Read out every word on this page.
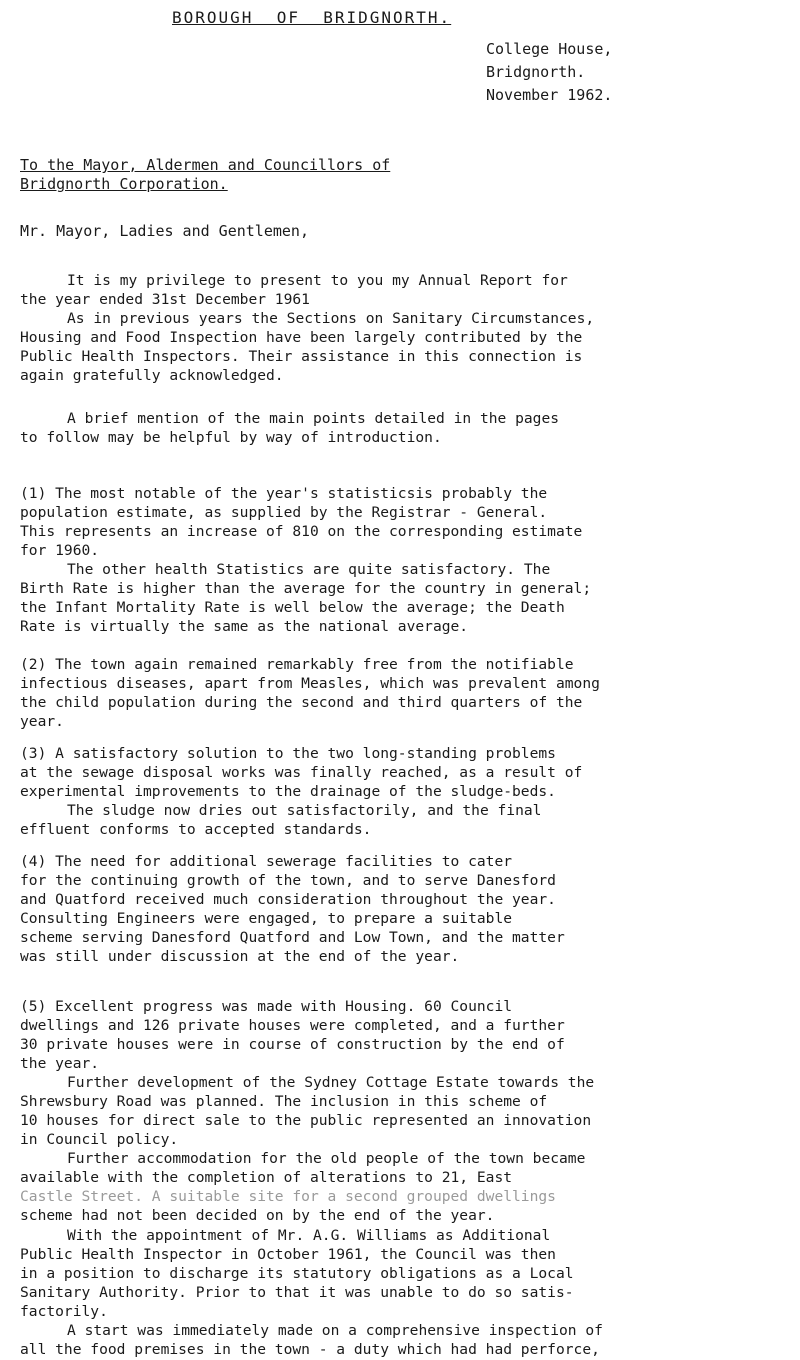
BOROUGH  OF  BRIDGNORTH.
College House,
Bridgnorth.
November 1962.
To the Mayor, Aldermen and Councillors of
Bridgnorth Corporation.
Mr. Mayor, Ladies and Gentlemen,
It is my privilege to present to you my Annual Report for
the year ended 31st December 1961
As in previous years the Sections on Sanitary Circumstances,
Housing and Food Inspection have been largely contributed by the
Public Health Inspectors. Their assistance in this connection is
again gratefully acknowledged.
A brief mention of the main points detailed in the pages
to follow may be helpful by way of introduction.
(1) The most notable of the year's statisticsis probably the
population estimate, as supplied by the Registrar - General.
This represents an increase of 810 on the corresponding estimate
for 1960.
The other health Statistics are quite satisfactory. The
Birth Rate is higher than the average for the country in general;
the Infant Mortality Rate is well below the average; the Death
Rate is virtually the same as the national average.
(2) The town again remained remarkably free from the notifiable
infectious diseases, apart from Measles, which was prevalent among
the child population during the second and third quarters of the
year.
(3) A satisfactory solution to the two long-standing problems
at the sewage disposal works was finally reached, as a result of
experimental improvements to the drainage of the sludge-beds.
The sludge now dries out satisfactorily, and the final
effluent conforms to accepted standards.
(4) The need for additional sewerage facilities to cater
for the continuing growth of the town, and to serve Danesford
and Quatford received much consideration throughout the year.
Consulting Engineers were engaged, to prepare a suitable
scheme serving Danesford Quatford and Low Town, and the matter
was still under discussion at the end of the year.
(5) Excellent progress was made with Housing. 60 Council
dwellings and 126 private houses were completed, and a further
30 private houses were in course of construction by the end of
the year.
Further development of the Sydney Cottage Estate towards the
Shrewsbury Road was planned. The inclusion in this scheme of
10 houses for direct sale to the public represented an innovation
in Council policy.
Further accommodation for the old people of the town became
available with the completion of alterations to 21, East
Castle Street. A suitable site for a second grouped dwellings
scheme had not been decided on by the end of the year.
With the appointment of Mr. A.G. Williams as Additional
Public Health Inspector in October 1961, the Council was then
in a position to discharge its statutory obligations as a Local
Sanitary Authority. Prior to that it was unable to do so satis-
factorily.
A start was immediately made on a comprehensive inspection of
all the food premises in the town - a duty which had had perforce,
